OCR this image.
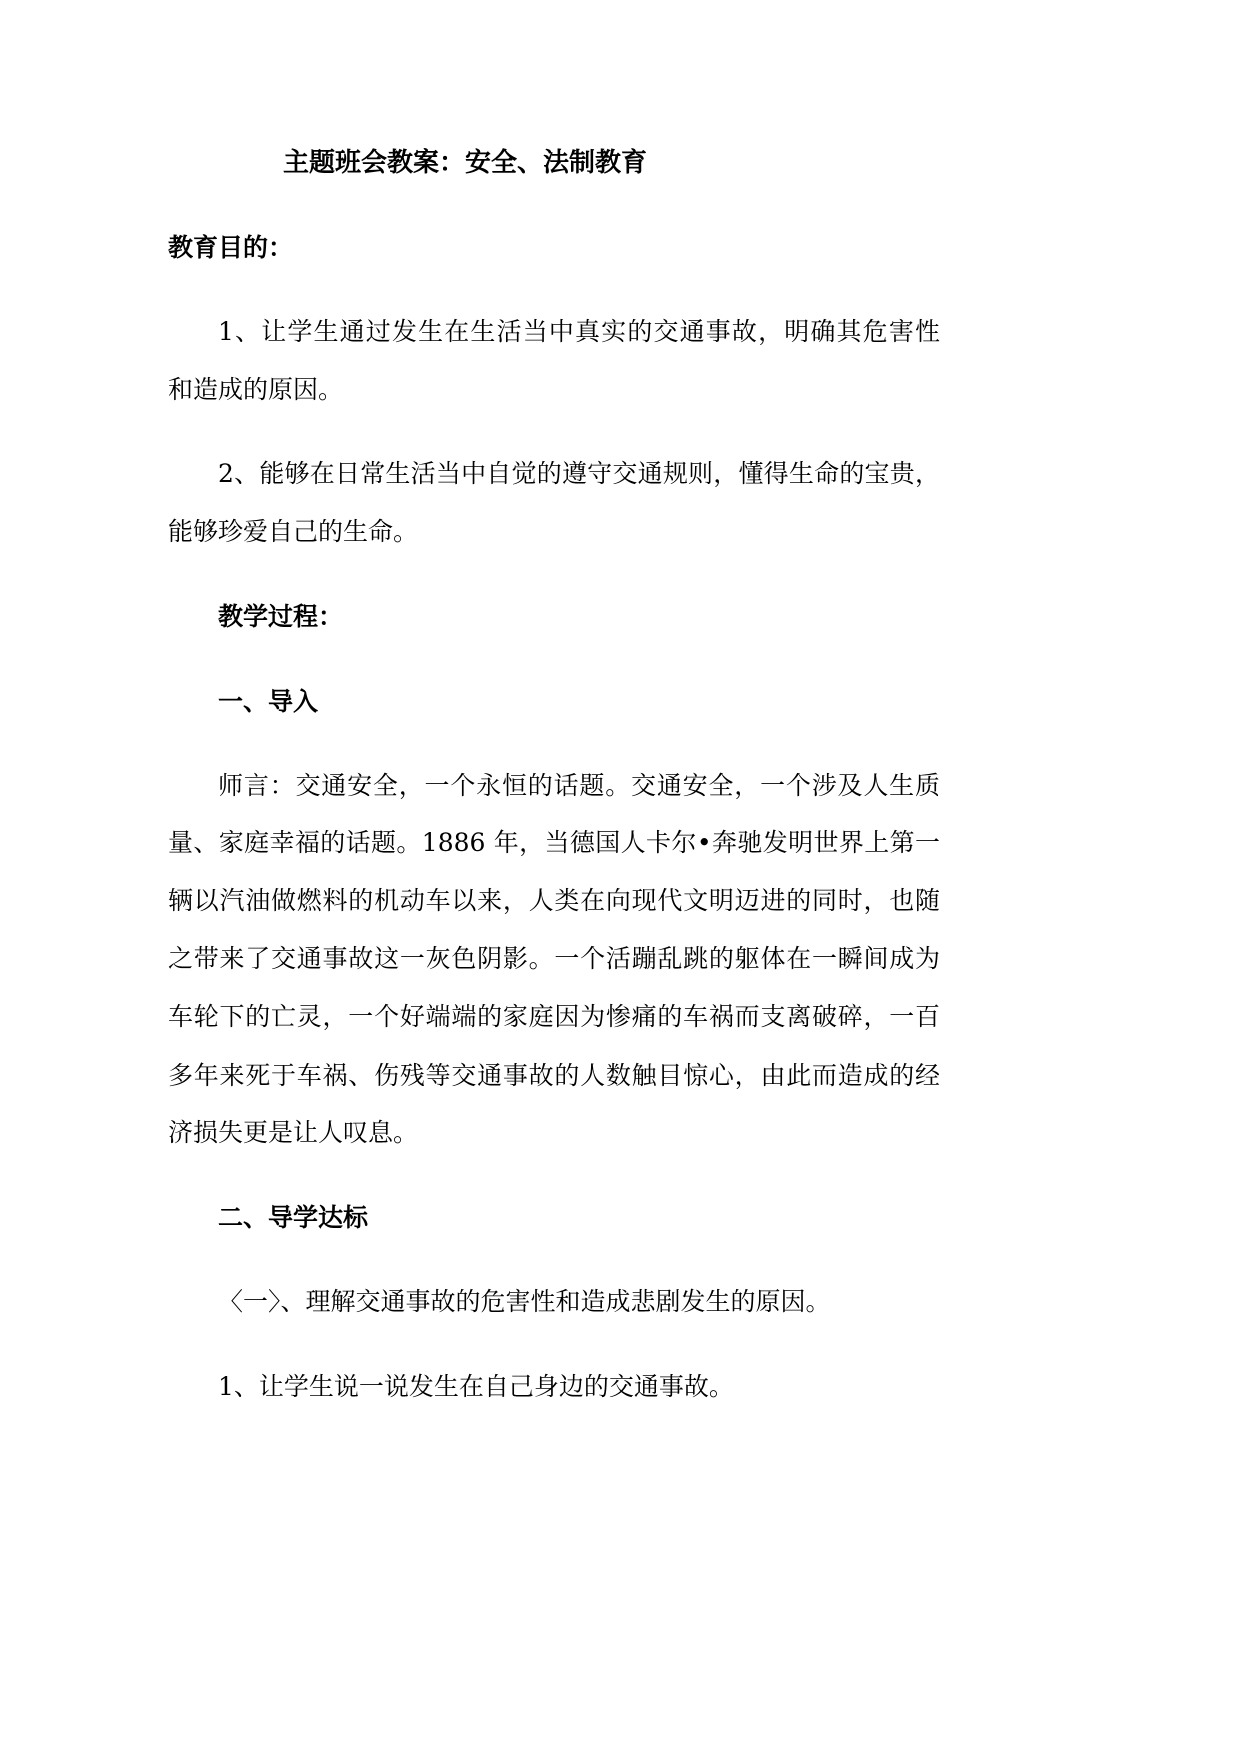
主题班会教案：安全、法制教育
教育目的：
1、让学生通过发生在生活当中真实的交通事故，明确其危害性
和造成的原因。
2、能够在日常生活当中自觉的遵守交通规则，懂得生命的宝贵，
能够珍爱自己的生命。
教学过程：
一、导入
师言：交通安全，一个永恒的话题。交通安全，一个涉及人生质
量、家庭幸福的话题。1886 年，当德国人卡尔•奔驰发明世界上第一
辆以汽油做燃料的机动车以来，人类在向现代文明迈进的同时，也随
之带来了交通事故这一灰色阴影。一个活蹦乱跳的躯体在一瞬间成为
车轮下的亡灵，一个好端端的家庭因为惨痛的车祸而支离破碎，一百
多年来死于车祸、伤残等交通事故的人数触目惊心，由此而造成的经
济损失更是让人叹息。
二、导学达标
〈一〉、理解交通事故的危害性和造成悲剧发生的原因。
1、让学生说一说发生在自己身边的交通事故。
